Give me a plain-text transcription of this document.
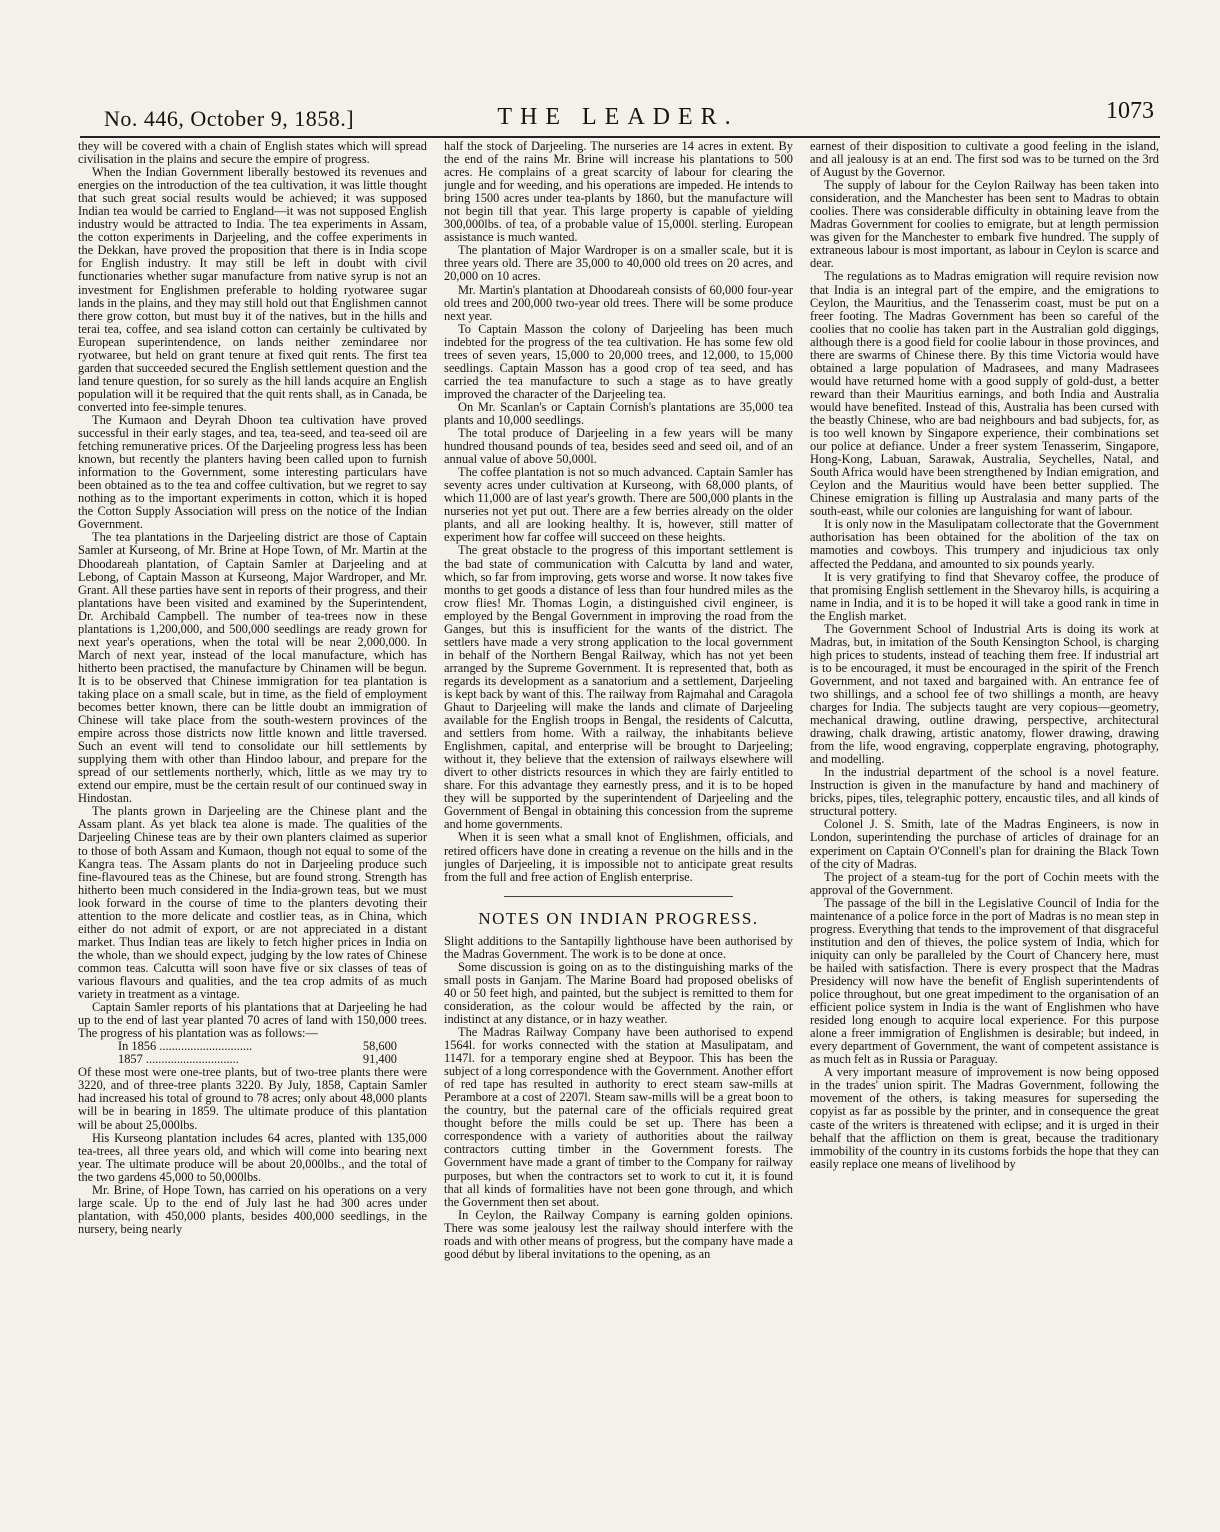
No. 446, October 9, 1858.]	THE LEADER.	1073

they will be covered with a chain of English states which will spread civilisation in the plains and secure the empire of progress.

When the Indian Government liberally bestowed its revenues and energies on the introduction of the tea cultivation, it was little thought that such great social results would be achieved; it was supposed Indian tea would be carried to England—it was not supposed English industry would be attracted to India. The tea experiments in Assam, the cotton experiments in Darjeeling, and the coffee experiments in the Dekkan, have proved the proposition that there is in India scope for English industry. It may still be left in doubt with civil functionaries whether sugar manufacture from native syrup is not an investment for Englishmen preferable to holding ryotwaree sugar lands in the plains, and they may still hold out that Englishmen cannot there grow cotton, but must buy it of the natives, but in the hills and terai tea, coffee, and sea island cotton can certainly be cultivated by European superintendence, on lands neither zemindaree nor ryotwaree, but held on grant tenure at fixed quit rents. The first tea garden that succeeded secured the English settlement question and the land tenure question, for so surely as the hill lands acquire an English population will it be required that the quit rents shall, as in Canada, be converted into fee-simple tenures.

The Kumaon and Deyrah Dhoon tea cultivation have proved successful in their early stages, and tea, tea-seed, and tea-seed oil are fetching remunerative prices. Of the Darjeeling progress less has been known, but recently the planters having been called upon to furnish information to the Government, some interesting particulars have been obtained as to the tea and coffee cultivation, but we regret to say nothing as to the important experiments in cotton, which it is hoped the Cotton Supply Association will press on the notice of the Indian Government.

The tea plantations in the Darjeeling district are those of Captain Samler at Kurseong, of Mr. Brine at Hope Town, of Mr. Martin at the Dhoodareah plantation, of Captain Samler at Darjeeling and at Lebong, of Captain Masson at Kurseong, Major Wardroper, and Mr. Grant. All these parties have sent in reports of their progress, and their plantations have been visited and examined by the Superintendent, Dr. Archibald Campbell. The number of tea-trees now in these plantations is 1,200,000, and 500,000 seedlings are ready grown for next year's operations, when the total will be near 2,000,000. In March of next year, instead of the local manufacture, which has hitherto been practised, the manufacture by Chinamen will be begun. It is to be observed that Chinese immigration for tea plantation is taking place on a small scale, but in time, as the field of employment becomes better known, there can be little doubt an immigration of Chinese will take place from the south-western provinces of the empire across those districts now little known and little traversed. Such an event will tend to consolidate our hill settlements by supplying them with other than Hindoo labour, and prepare for the spread of our settlements northerly, which, little as we may try to extend our empire, must be the certain result of our continued sway in Hindostan.

The plants grown in Darjeeling are the Chinese plant and the Assam plant. As yet black tea alone is made. The qualities of the Darjeeling Chinese teas are by their own planters claimed as superior to those of both Assam and Kumaon, though not equal to some of the Kangra teas. The Assam plants do not in Darjeeling produce such fine-flavoured teas as the Chinese, but are found strong. Strength has hitherto been much considered in the India-grown teas, but we must look forward in the course of time to the planters devoting their attention to the more delicate and costlier teas, as in China, which either do not admit of export, or are not appreciated in a distant market. Thus Indian teas are likely to fetch higher prices in India on the whole, than we should expect, judging by the low rates of Chinese common teas. Calcutta will soon have five or six classes of teas of various flavours and qualities, and the tea crop admits of as much variety in treatment as a vintage.

Captain Samler reports of his plantations that at Darjeeling he had up to the end of last year planted 70 acres of land with 150,000 trees. The progress of his plantation was as follows:—

In 1856 ..............................	58,600
1857 ..............................	91,400

Of these most were one-tree plants, but of two-tree plants there were 3220, and of three-tree plants 3220. By July, 1858, Captain Samler had increased his total of ground to 78 acres; only about 48,000 plants will be in bearing in 1859. The ultimate produce of this plantation will be about 25,000lbs.

His Kurseong plantation includes 64 acres, planted with 135,000 tea-trees, all three years old, and which will come into bearing next year. The ultimate produce will be about 20,000lbs., and the total of the two gardens 45,000 to 50,000lbs.

Mr. Brine, of Hope Town, has carried on his operations on a very large scale. Up to the end of July last he had 300 acres under plantation, with 450,000 plants, besides 400,000 seedlings, in the nursery, being nearly

half the stock of Darjeeling. The nurseries are 14 acres in extent. By the end of the rains Mr. Brine will increase his plantations to 500 acres. He complains of a great scarcity of labour for clearing the jungle and for weeding, and his operations are impeded. He intends to bring 1500 acres under tea-plants by 1860, but the manufacture will not begin till that year. This large property is capable of yielding 300,000lbs. of tea, of a probable value of 15,000l. sterling. European assistance is much wanted.

The plantation of Major Wardroper is on a smaller scale, but it is three years old. There are 35,000 to 40,000 old trees on 20 acres, and 20,000 on 10 acres.

Mr. Martin's plantation at Dhoodareah consists of 60,000 four-year old trees and 200,000 two-year old trees. There will be some produce next year.

To Captain Masson the colony of Darjeeling has been much indebted for the progress of the tea cultivation. He has some few old trees of seven years, 15,000 to 20,000 trees, and 12,000, to 15,000 seedlings. Captain Masson has a good crop of tea seed, and has carried the tea manufacture to such a stage as to have greatly improved the character of the Darjeeling tea.

On Mr. Scanlan's or Captain Cornish's plantations are 35,000 tea plants and 10,000 seedlings.

The total produce of Darjeeling in a few years will be many hundred thousand pounds of tea, besides seed and seed oil, and of an annual value of above 50,000l.

The coffee plantation is not so much advanced. Captain Samler has seventy acres under cultivation at Kurseong, with 68,000 plants, of which 11,000 are of last year's growth. There are 500,000 plants in the nurseries not yet put out. There are a few berries already on the older plants, and all are looking healthy. It is, however, still matter of experiment how far coffee will succeed on these heights.

The great obstacle to the progress of this important settlement is the bad state of communication with Calcutta by land and water, which, so far from improving, gets worse and worse. It now takes five months to get goods a distance of less than four hundred miles as the crow flies! Mr. Thomas Login, a distinguished civil engineer, is employed by the Bengal Government in improving the road from the Ganges, but this is insufficient for the wants of the district. The settlers have made a very strong application to the local government in behalf of the Northern Bengal Railway, which has not yet been arranged by the Supreme Government. It is represented that, both as regards its development as a sanatorium and a settlement, Darjeeling is kept back by want of this. The railway from Rajmahal and Caragola Ghaut to Darjeeling will make the lands and climate of Darjeeling available for the English troops in Bengal, the residents of Calcutta, and settlers from home. With a railway, the inhabitants believe Englishmen, capital, and enterprise will be brought to Darjeeling; without it, they believe that the extension of railways elsewhere will divert to other districts resources in which they are fairly entitled to share. For this advantage they earnestly press, and it is to be hoped they will be supported by the superintendent of Darjeeling and the Government of Bengal in obtaining this concession from the supreme and home governments.

When it is seen what a small knot of Englishmen, officials, and retired officers have done in creating a revenue on the hills and in the jungles of Darjeeling, it is impossible not to anticipate great results from the full and free action of English enterprise.

NOTES ON INDIAN PROGRESS.

Slight additions to the Santapilly lighthouse have been authorised by the Madras Government. The work is to be done at once.

Some discussion is going on as to the distinguishing marks of the small posts in Ganjam. The Marine Board had proposed obelisks of 40 or 50 feet high, and painted, but the subject is remitted to them for consideration, as the colour would be affected by the rain, or indistinct at any distance, or in hazy weather.

The Madras Railway Company have been authorised to expend 1564l. for works connected with the station at Masulipatam, and 1147l. for a temporary engine shed at Beypoor. This has been the subject of a long correspondence with the Government. Another effort of red tape has resulted in authority to erect steam saw-mills at Perambore at a cost of 2207l. Steam saw-mills will be a great boon to the country, but the paternal care of the officials required great thought before the mills could be set up. There has been a correspondence with a variety of authorities about the railway contractors cutting timber in the Government forests. The Government have made a grant of timber to the Company for railway purposes, but when the contractors set to work to cut it, it is found that all kinds of formalities have not been gone through, and which the Government then set about.

In Ceylon, the Railway Company is earning golden opinions. There was some jealousy lest the railway should interfere with the roads and with other means of progress, but the company have made a good début by liberal invitations to the opening, as an

earnest of their disposition to cultivate a good feeling in the island, and all jealousy is at an end. The first sod was to be turned on the 3rd of August by the Governor.

The supply of labour for the Ceylon Railway has been taken into consideration, and the Manchester has been sent to Madras to obtain coolies. There was considerable difficulty in obtaining leave from the Madras Government for coolies to emigrate, but at length permission was given for the Manchester to embark five hundred. The supply of extraneous labour is most important, as labour in Ceylon is scarce and dear.

The regulations as to Madras emigration will require revision now that India is an integral part of the empire, and the emigrations to Ceylon, the Mauritius, and the Tenasserim coast, must be put on a freer footing. The Madras Government has been so careful of the coolies that no coolie has taken part in the Australian gold diggings, although there is a good field for coolie labour in those provinces, and there are swarms of Chinese there. By this time Victoria would have obtained a large population of Madrasees, and many Madrasees would have returned home with a good supply of gold-dust, a better reward than their Mauritius earnings, and both India and Australia would have benefited. Instead of this, Australia has been cursed with the beastly Chinese, who are bad neighbours and bad subjects, for, as is too well known by Singapore experience, their combinations set our police at defiance. Under a freer system Tenasserim, Singapore, Hong-Kong, Labuan, Sarawak, Australia, Seychelles, Natal, and South Africa would have been strengthened by Indian emigration, and Ceylon and the Mauritius would have been better supplied. The Chinese emigration is filling up Australasia and many parts of the south-east, while our colonies are languishing for want of labour.

It is only now in the Masulipatam collectorate that the Government authorisation has been obtained for the abolition of the tax on mamoties and cowboys. This trumpery and injudicious tax only affected the Peddana, and amounted to six pounds yearly.

It is very gratifying to find that Shevaroy coffee, the produce of that promising English settlement in the Shevaroy hills, is acquiring a name in India, and it is to be hoped it will take a good rank in time in the English market.

The Government School of Industrial Arts is doing its work at Madras, but, in imitation of the South Kensington School, is charging high prices to students, instead of teaching them free. If industrial art is to be encouraged, it must be encouraged in the spirit of the French Government, and not taxed and bargained with. An entrance fee of two shillings, and a school fee of two shillings a month, are heavy charges for India. The subjects taught are very copious—geometry, mechanical drawing, outline drawing, perspective, architectural drawing, chalk drawing, artistic anatomy, flower drawing, drawing from the life, wood engraving, copperplate engraving, photography, and modelling.

In the industrial department of the school is a novel feature. Instruction is given in the manufacture by hand and machinery of bricks, pipes, tiles, telegraphic pottery, encaustic tiles, and all kinds of structural pottery.

Colonel J. S. Smith, late of the Madras Engineers, is now in London, superintending the purchase of articles of drainage for an experiment on Captain O'Connell's plan for draining the Black Town of the city of Madras.

The project of a steam-tug for the port of Cochin meets with the approval of the Government.

The passage of the bill in the Legislative Council of India for the maintenance of a police force in the port of Madras is no mean step in progress. Everything that tends to the improvement of that disgraceful institution and den of thieves, the police system of India, which for iniquity can only be paralleled by the Court of Chancery here, must be hailed with satisfaction. There is every prospect that the Madras Presidency will now have the benefit of English superintendents of police throughout, but one great impediment to the organisation of an efficient police system in India is the want of Englishmen who have resided long enough to acquire local experience. For this purpose alone a freer immigration of Englishmen is desirable; but indeed, in every department of Government, the want of competent assistance is as much felt as in Russia or Paraguay.

A very important measure of improvement is now being opposed in the trades' union spirit. The Madras Government, following the movement of the others, is taking measures for superseding the copyist as far as possible by the printer, and in consequence the great caste of the writers is threatened with eclipse; and it is urged in their behalf that the affliction on them is great, because the traditionary immobility of the country in its customs forbids the hope that they can easily replace one means of livelihood by
